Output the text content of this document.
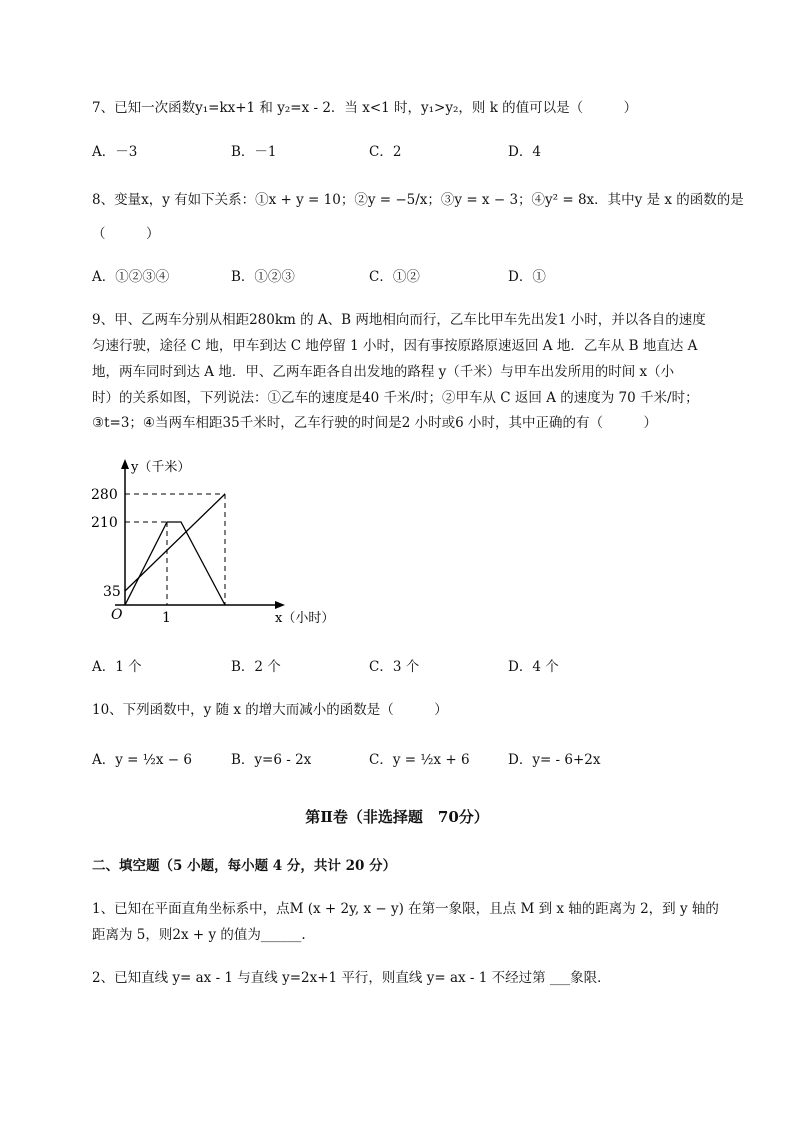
7、已知一次函数y₁=kx+1 和 y₂=x - 2．当 x<1 时，y₁>y₂，则 k 的值可以是（　　　）
A．－3	B．－1	C．2	D．4
8、变量x，y 有如下关系：①x + y = 10；②y = −5/x；③y = x − 3；④y² = 8x．其中y 是 x 的函数的是
（　　　）
A．①②③④	B．①②③	C．①②	D．①
9、甲、乙两车分别从相距280km 的 A、B 两地相向而行，乙车比甲车先出发1 小时，并以各自的速度
匀速行驶，途径 C 地，甲车到达 C 地停留 1 小时，因有事按原路原速返回 A 地．乙车从 B 地直达 A
地，两车同时到达 A 地．甲、乙两车距各自出发地的路程 y（千米）与甲车出发所用的时间 x（小
时）的关系如图，下列说法：①乙车的速度是40 千米/时；②甲车从 C 返回 A 的速度为 70 千米/时；
③t=3；④当两车相距35千米时，乙车行驶的时间是2 小时或6 小时，其中正确的有（　　　）
y（千米）
x（小时）
O
280
210
35
1
A．1 个	B．2 个	C．3 个	D．4 个
10、下列函数中，y 随 x 的增大而减小的函数是（　　　）
A．y = ½x − 6	B．y=6 - 2x	C．y = ½x + 6	D．y= - 6+2x
第Ⅱ卷（非选择题　70分）
二、填空题（5 小题，每小题 4 分，共计 20 分）
1、已知在平面直角坐标系中，点M (x + 2y, x − y) 在第一象限，且点 M 到 x 轴的距离为 2，到 y 轴的
距离为 5，则2x + y 的值为______.
2、已知直线 y= ax - 1 与直线 y=2x+1 平行，则直线 y= ax - 1 不经过第 ___象限．
